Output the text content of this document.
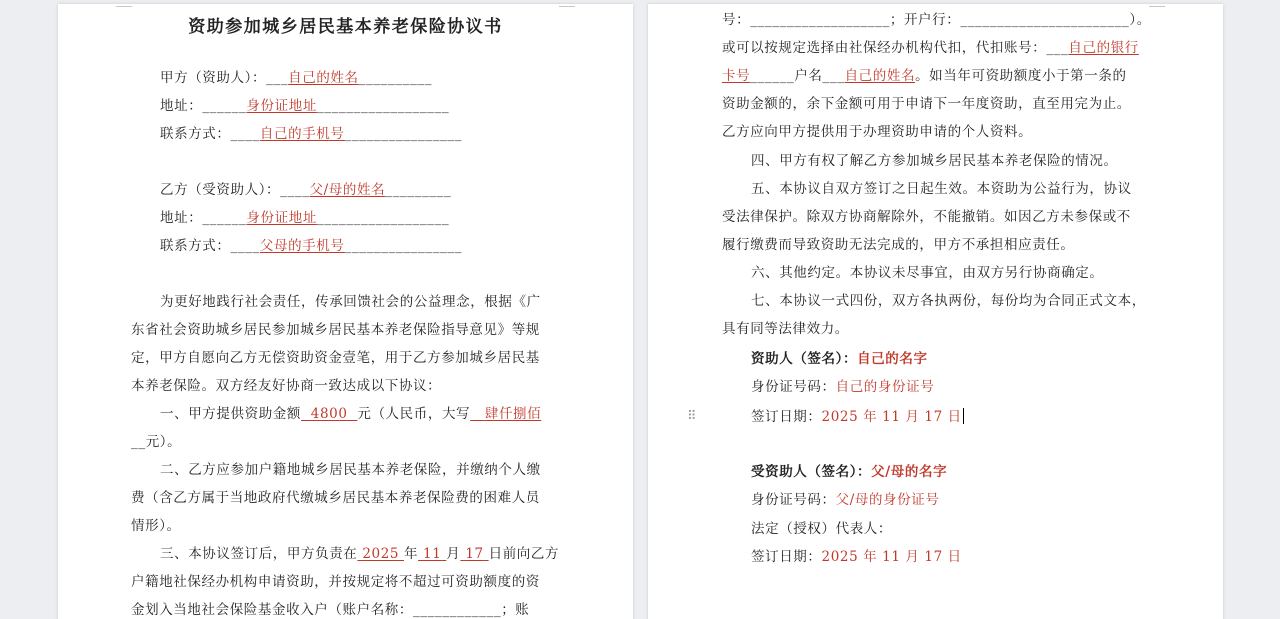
资助参加城乡居民基本养老保险协议书
甲方（资助人）：___自己的姓名__________
地址：______身份证地址__________________
联系方式：____自己的手机号________________
乙方（受资助人）：____父/母的姓名_________
地址：______身份证地址__________________
联系方式：____父母的手机号________________
为更好地践行社会责任，传承回馈社会的公益理念，根据《广
东省社会资助城乡居民参加城乡居民基本养老保险指导意见》等规
定，甲方自愿向乙方无偿资助资金壹笔，用于乙方参加城乡居民基
本养老保险。双方经友好协商一致达成以下协议：
一、甲方提供资助金额 4800 元（人民币，大写 肆仟捌佰
__元）。
二、乙方应参加户籍地城乡居民基本养老保险，并缴纳个人缴
费（含乙方属于当地政府代缴城乡居民基本养老保险费的困难人员
情形）。
三、本协议签订后，甲方负责在 2025 年 11 月 17 日前向乙方
户籍地社保经办机构申请资助，并按规定将不超过可资助额度的资
金划入当地社会保险基金收入户（账户名称：____________；账
号：___________________；开户行：_______________________）。
或可以按规定选择由社保经办机构代扣，代扣账号：___自己的银行
卡号______户名___自己的姓名。如当年可资助额度小于第一条的
资助金额的，余下金额可用于申请下一年度资助，直至用完为止。
乙方应向甲方提供用于办理资助申请的个人资料。
四、甲方有权了解乙方参加城乡居民基本养老保险的情况。
五、本协议自双方签订之日起生效。本资助为公益行为，协议
受法律保护。除双方协商解除外，不能撤销。如因乙方未参保或不
履行缴费而导致资助无法完成的，甲方不承担相应责任。
六、其他约定。本协议未尽事宜，由双方另行协商确定。
七、本协议一式四份，双方各执两份，每份均为合同正式文本，
具有同等法律效力。
资助人（签名）：自己的名字
身份证号码：自己的身份证号
签订日期：2025 年 11 月 17 日
受资助人（签名）：父/母的名字
身份证号码：父/母的身份证号
法定（授权）代表人：
签订日期：2025 年 11 月 17 日
⠿
